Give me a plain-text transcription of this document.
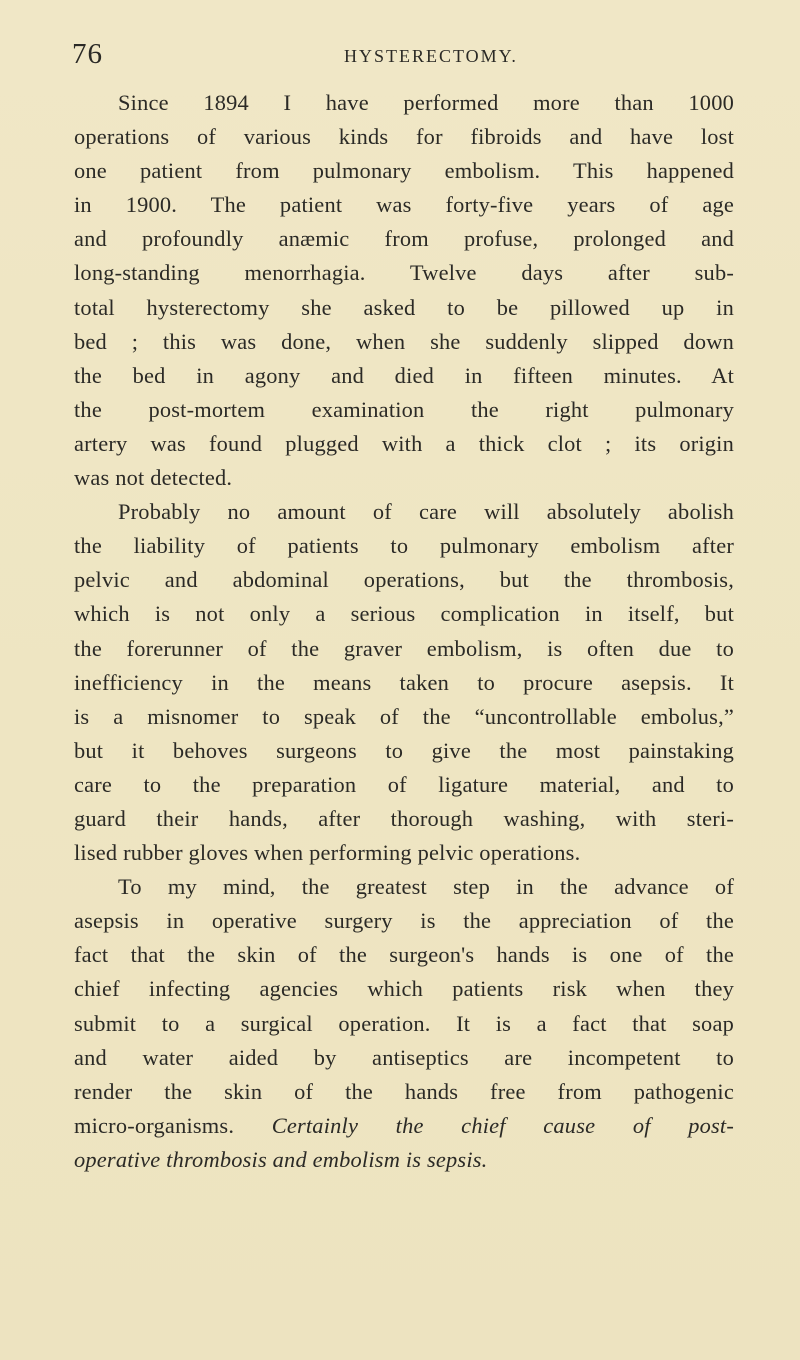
76	HYSTERECTOMY.
Since 1894 I have performed more than 1000
operations of various kinds for fibroids and have lost
one patient from pulmonary embolism. This happened
in 1900. The patient was forty-five years of age
and profoundly anæmic from profuse, prolonged and
long-standing menorrhagia. Twelve days after sub-
total hysterectomy she asked to be pillowed up in
bed ; this was done, when she suddenly slipped down
the bed in agony and died in fifteen minutes. At
the post-mortem examination the right pulmonary
artery was found plugged with a thick clot ; its origin
was not detected.
Probably no amount of care will absolutely abolish
the liability of patients to pulmonary embolism after
pelvic and abdominal operations, but the thrombosis,
which is not only a serious complication in itself, but
the forerunner of the graver embolism, is often due to
inefficiency in the means taken to procure asepsis. It
is a misnomer to speak of the “uncontrollable embolus,”
but it behoves surgeons to give the most painstaking
care to the preparation of ligature material, and to
guard their hands, after thorough washing, with steri-
lised rubber gloves when performing pelvic operations.
To my mind, the greatest step in the advance of
asepsis in operative surgery is the appreciation of the
fact that the skin of the surgeon's hands is one of the
chief infecting agencies which patients risk when they
submit to a surgical operation. It is a fact that soap
and water aided by antiseptics are incompetent to
render the skin of the hands free from pathogenic
micro-organisms. Certainly the chief cause of post-
operative thrombosis and embolism is sepsis.
